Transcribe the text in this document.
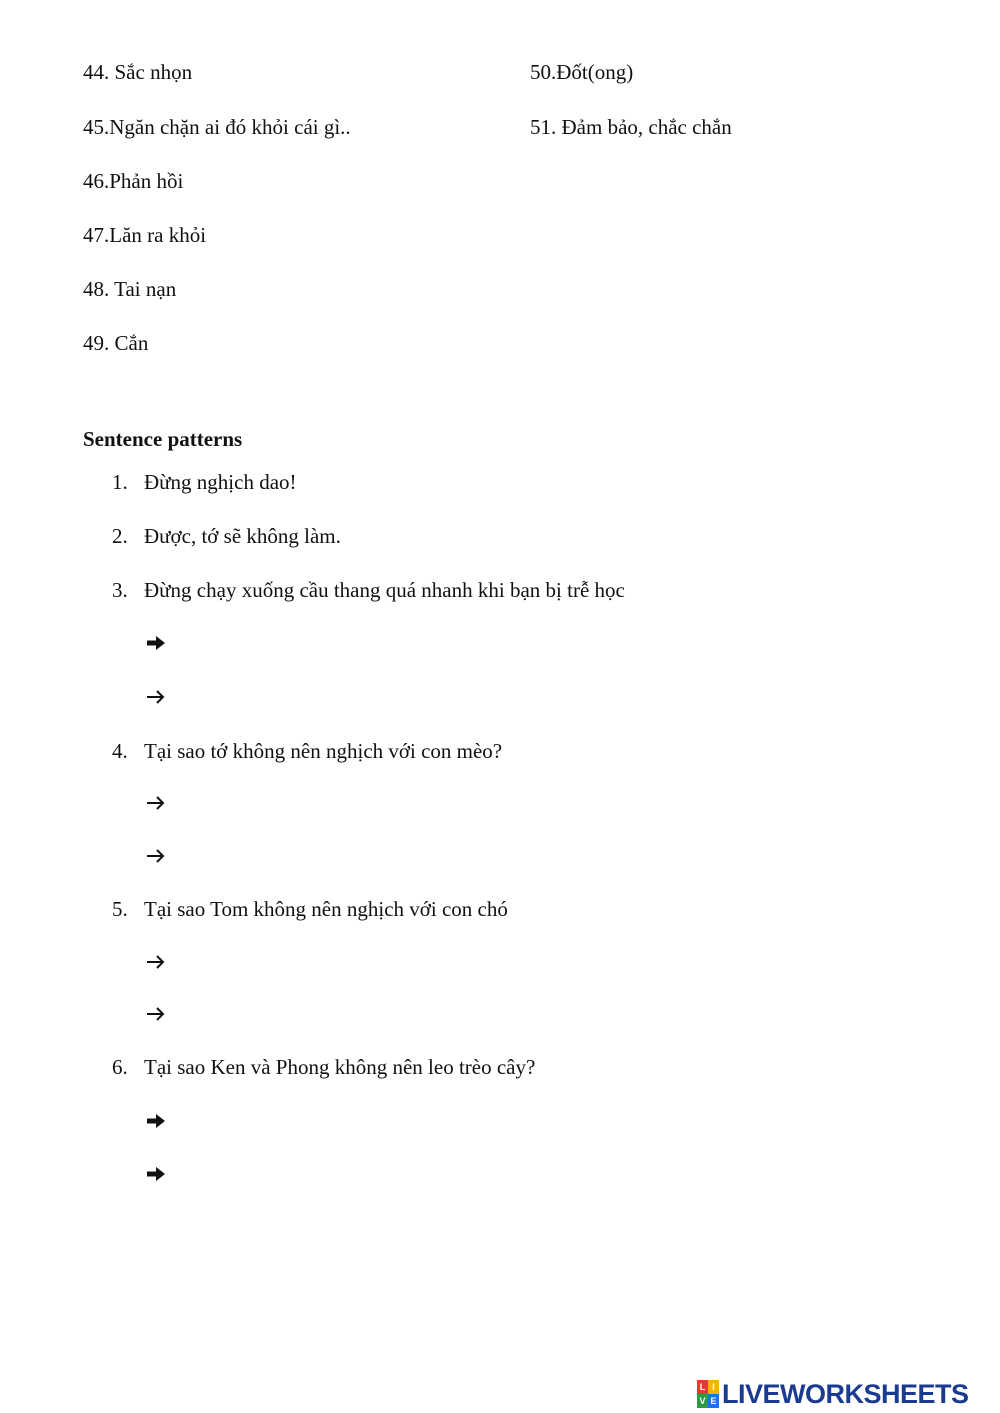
44. Sắc nhọn
45.Ngăn chặn ai đó khỏi cái gì..
46.Phản hồi
47.Lăn ra khỏi
48. Tai nạn
49. Cắn
50.Đốt(ong)
51. Đảm bảo, chắc chắn
Sentence patterns
1. Đừng nghịch dao!
2. Được, tớ sẽ không làm.
3. Đừng chạy xuống cầu thang quá nhanh khi bạn bị trễ học
4. Tại sao tớ không nên nghịch với con mèo?
5. Tại sao Tom không nên nghịch với con chó
6. Tại sao Ken và Phong không nên leo trèo cây?
L I
V E LIVEWORKSHEETS
